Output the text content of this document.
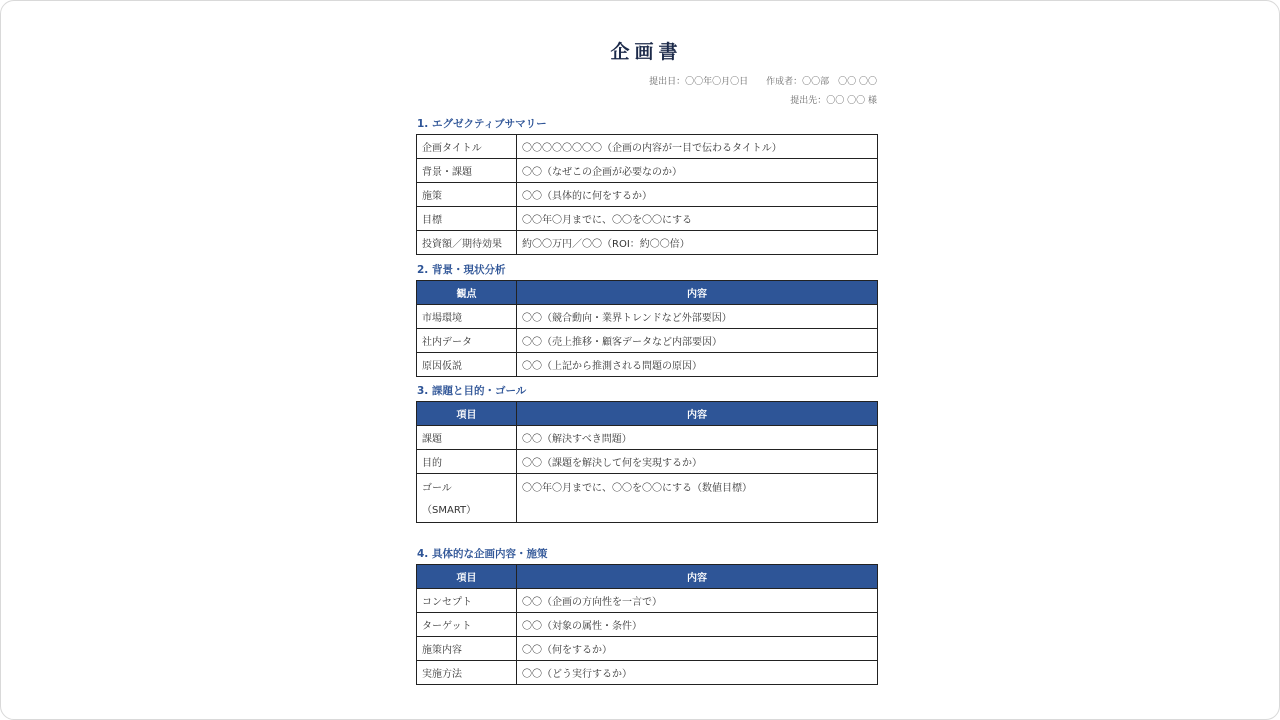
企画書
提出日：〇〇年〇月〇日 作成者：〇〇部　〇〇 〇〇
提出先：〇〇 〇〇 様
1. エグゼクティブサマリー
企画タイトル	〇〇〇〇〇〇〇〇（企画の内容が一目で伝わるタイトル）
背景・課題	〇〇（なぜこの企画が必要なのか）
施策	〇〇（具体的に何をするか）
目標	〇〇年〇月までに、〇〇を〇〇にする
投資額／期待効果	約〇〇万円／〇〇（ROI：約〇〇倍）
2. 背景・現状分析
観点	内容
市場環境	〇〇（競合動向・業界トレンドなど外部要因）
社内データ	〇〇（売上推移・顧客データなど内部要因）
原因仮説	〇〇（上記から推測される問題の原因）
3. 課題と目的・ゴール
項目	内容
課題	〇〇（解決すべき問題）
目的	〇〇（課題を解決して何を実現するか）

ゴール
（SMART）	〇〇年〇月までに、〇〇を〇〇にする（数値目標）
4. 具体的な企画内容・施策
項目	内容
コンセプト	〇〇（企画の方向性を一言で）
ターゲット	〇〇（対象の属性・条件）
施策内容	〇〇（何をするか）
実施方法	〇〇（どう実行するか）
